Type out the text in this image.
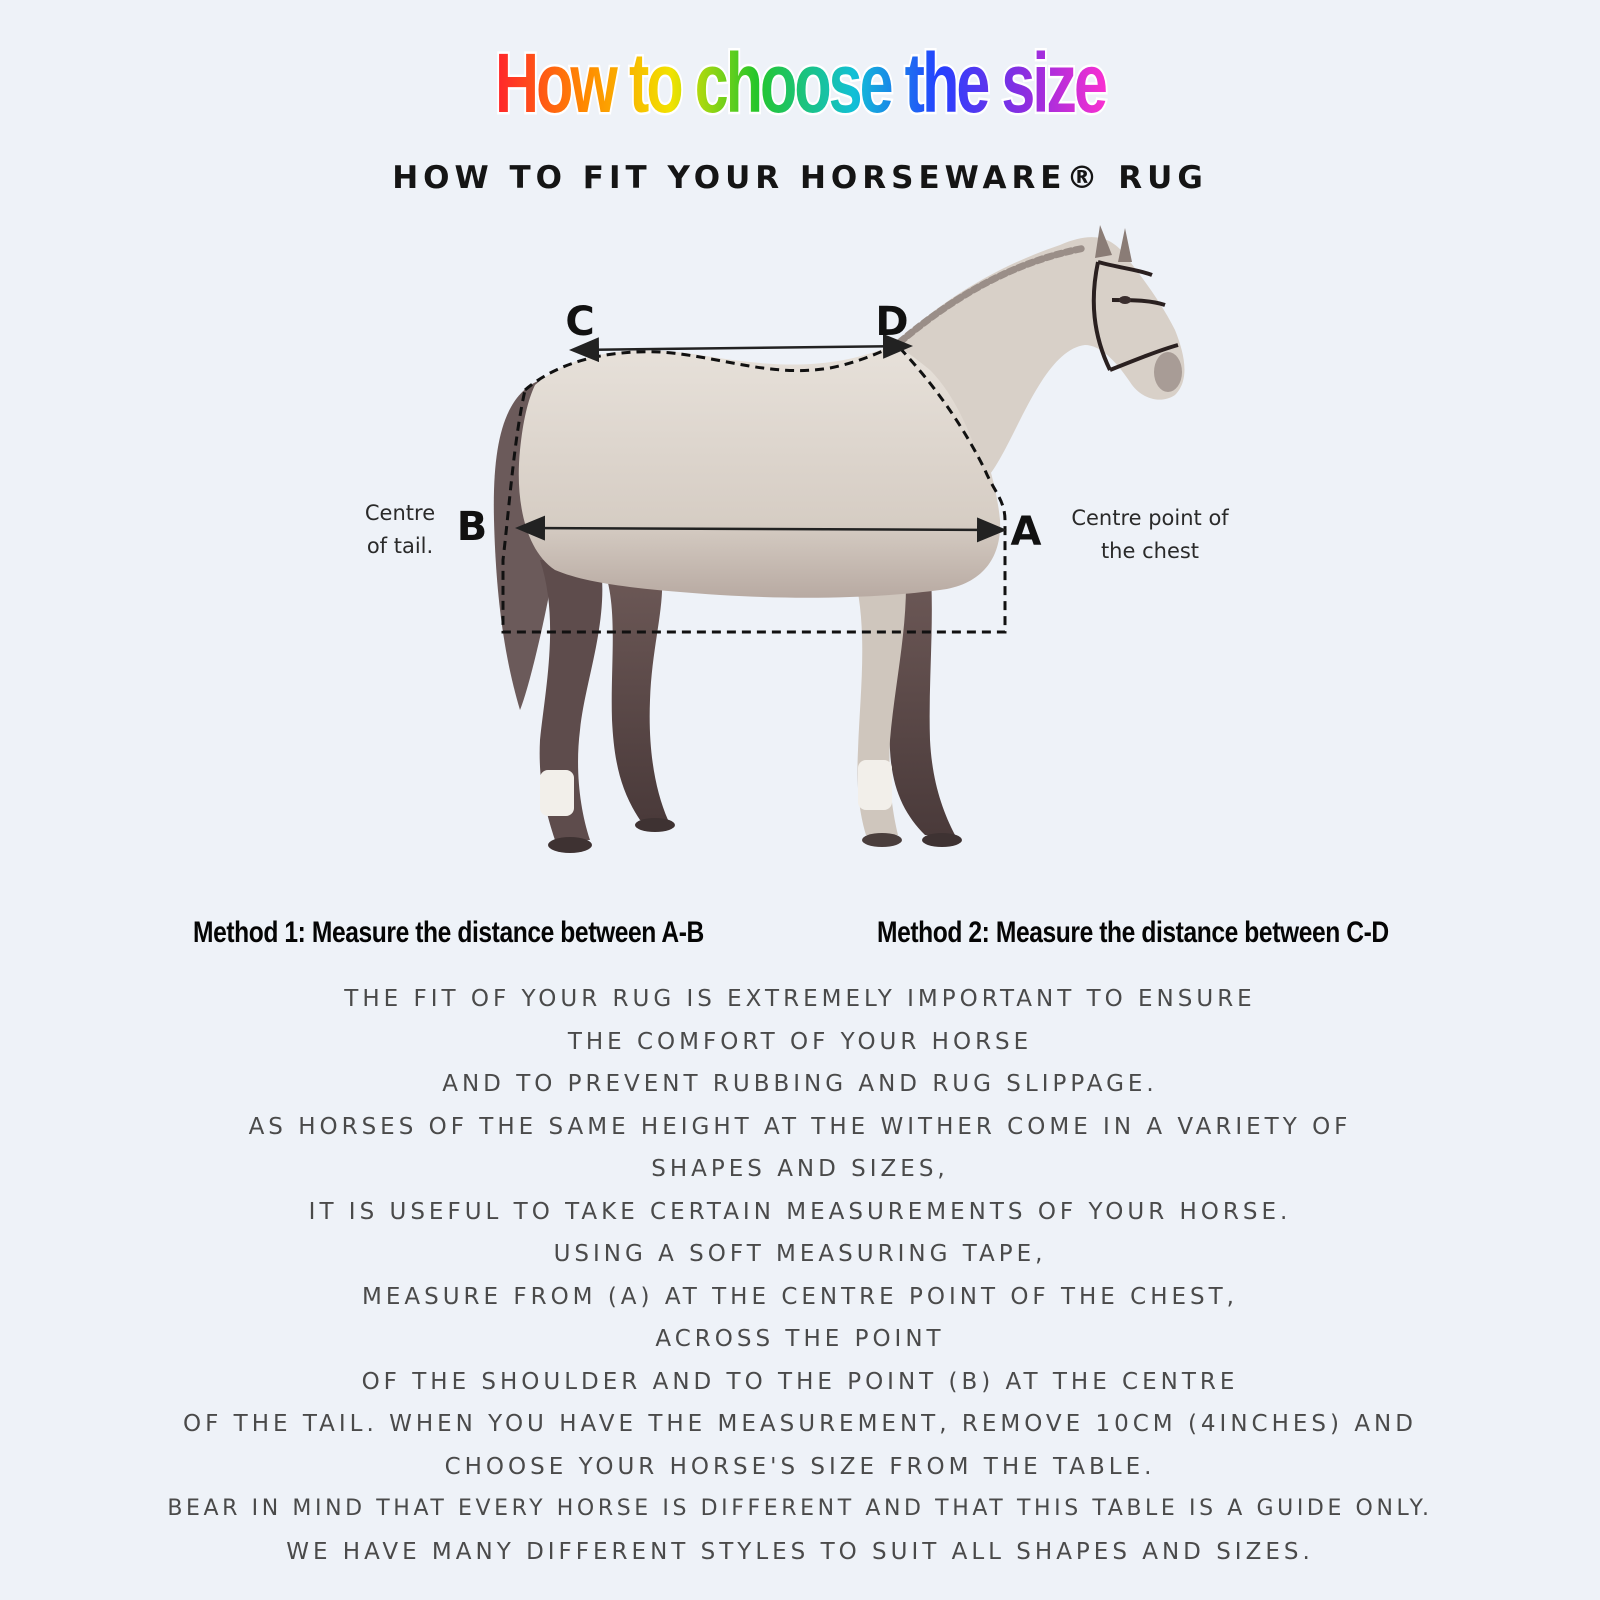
How to choose the size
HOW TO FIT YOUR HORSEWARE® RUG
C	D
B	A
Centre
of tail.
Centre point of
the chest
Method 1: Measure the distance between A-B	Method 2: Measure the distance between C-D
THE FIT OF YOUR RUG IS EXTREMELY IMPORTANT TO ENSURE
THE COMFORT OF YOUR HORSE
AND TO PREVENT RUBBING AND RUG SLIPPAGE.
AS HORSES OF THE SAME HEIGHT AT THE WITHER COME IN A VARIETY OF
SHAPES AND SIZES,
IT IS USEFUL TO TAKE CERTAIN MEASUREMENTS OF YOUR HORSE.
USING A SOFT MEASURING TAPE,
MEASURE FROM (A) AT THE CENTRE POINT OF THE CHEST,
ACROSS THE POINT
OF THE SHOULDER AND TO THE POINT (B) AT THE CENTRE
OF THE TAIL. WHEN YOU HAVE THE MEASUREMENT, REMOVE 10CM (4INCHES) AND
CHOOSE YOUR HORSE'S SIZE FROM THE TABLE.
BEAR IN MIND THAT EVERY HORSE IS DIFFERENT AND THAT THIS TABLE IS A GUIDE ONLY.
WE HAVE MANY DIFFERENT STYLES TO SUIT ALL SHAPES AND SIZES.
